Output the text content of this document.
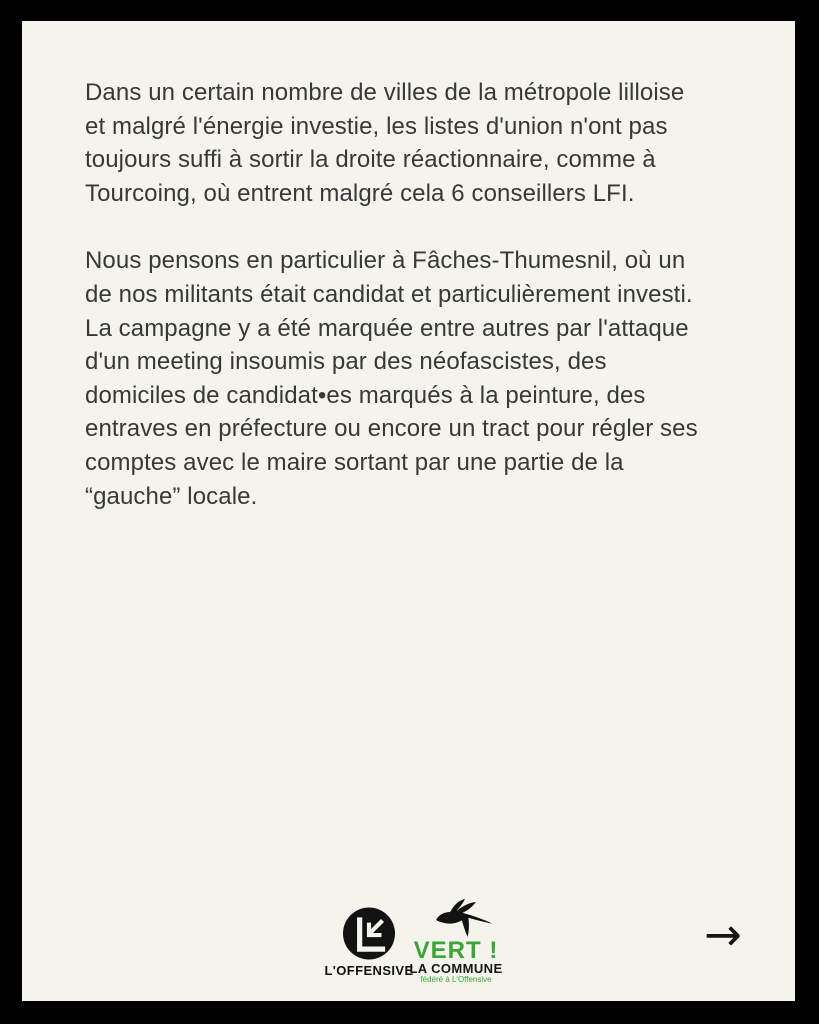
Dans un certain nombre de villes de la métropole lilloise
et malgré l'énergie investie, les listes d'union n'ont pas
toujours suffi à sortir la droite réactionnaire, comme à
Tourcoing, où entrent malgré cela 6 conseillers LFI.

Nous pensons en particulier à Fâches-Thumesnil, où un
de nos militants était candidat et particulièrement investi.
La campagne y a été marquée entre autres par l'attaque
d'un meeting insoumis par des néofascistes, des
domiciles de candidat•es marqués à la peinture, des
entraves en préfecture ou encore un tract pour régler ses
comptes avec le maire sortant par une partie de la
“gauche” locale.

L'OFFENSIVE
VERT !
LA COMMUNE
fédéré à L'Offensive
→
